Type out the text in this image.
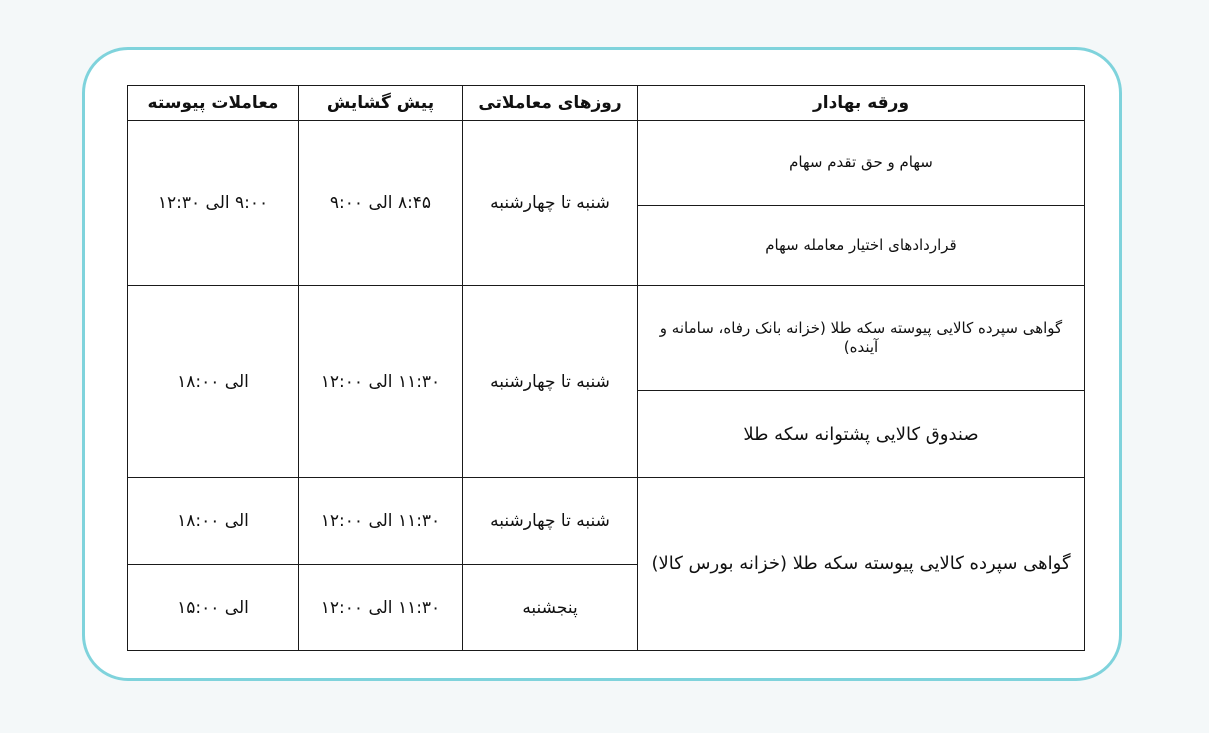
ورقه بهادار	روزهای معاملاتی	پیش گشایش	معاملات پیوسته
سهام و حق تقدم سهام	شنبه تا چهارشنبه	۸:۴۵ الی ۹:۰۰	۹:۰۰ الی ۱۲:۳۰
قراردادهای اختیار معامله سهام			
گواهی سپرده کالایی پیوسته سکه طلا (خزانه بانک رفاه، سامانه و آینده)	شنبه تا چهارشنبه	۱۱:۳۰ الی ۱۲:۰۰	الی ۱۸:۰۰
صندوق کالایی پشتوانه سکه طلا			
گواهی سپرده کالایی پیوسته سکه طلا (خزانه بورس کالا)	شنبه تا چهارشنبه	۱۱:۳۰ الی ۱۲:۰۰	الی ۱۸:۰۰
	پنجشنبه	۱۱:۳۰ الی ۱۲:۰۰	الی ۱۵:۰۰
